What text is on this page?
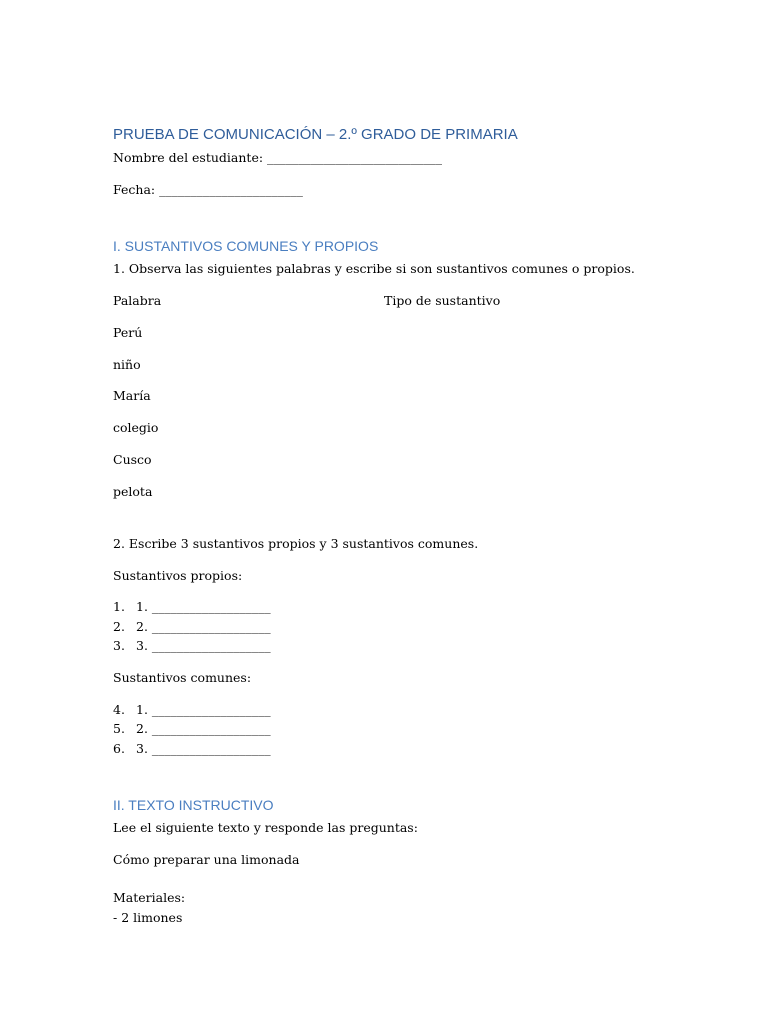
PRUEBA DE COMUNICACIÓN – 2.º GRADO DE PRIMARIA
Nombre del estudiante: ____________________________
Fecha: _______________________
I. SUSTANTIVOS COMUNES Y PROPIOS
1. Observa las siguientes palabras y escribe si son sustantivos comunes o propios.
Palabra	Tipo de sustantivo
Perú
niño
María
colegio
Cusco
pelota
2. Escribe 3 sustantivos propios y 3 sustantivos comunes.
Sustantivos propios:
1. 1. ___________________
2. 2. ___________________
3. 3. ___________________
Sustantivos comunes:
4. 1. ___________________
5. 2. ___________________
6. 3. ___________________
II. TEXTO INSTRUCTIVO
Lee el siguiente texto y responde las preguntas:
Cómo preparar una limonada
Materiales:
- 2 limones
